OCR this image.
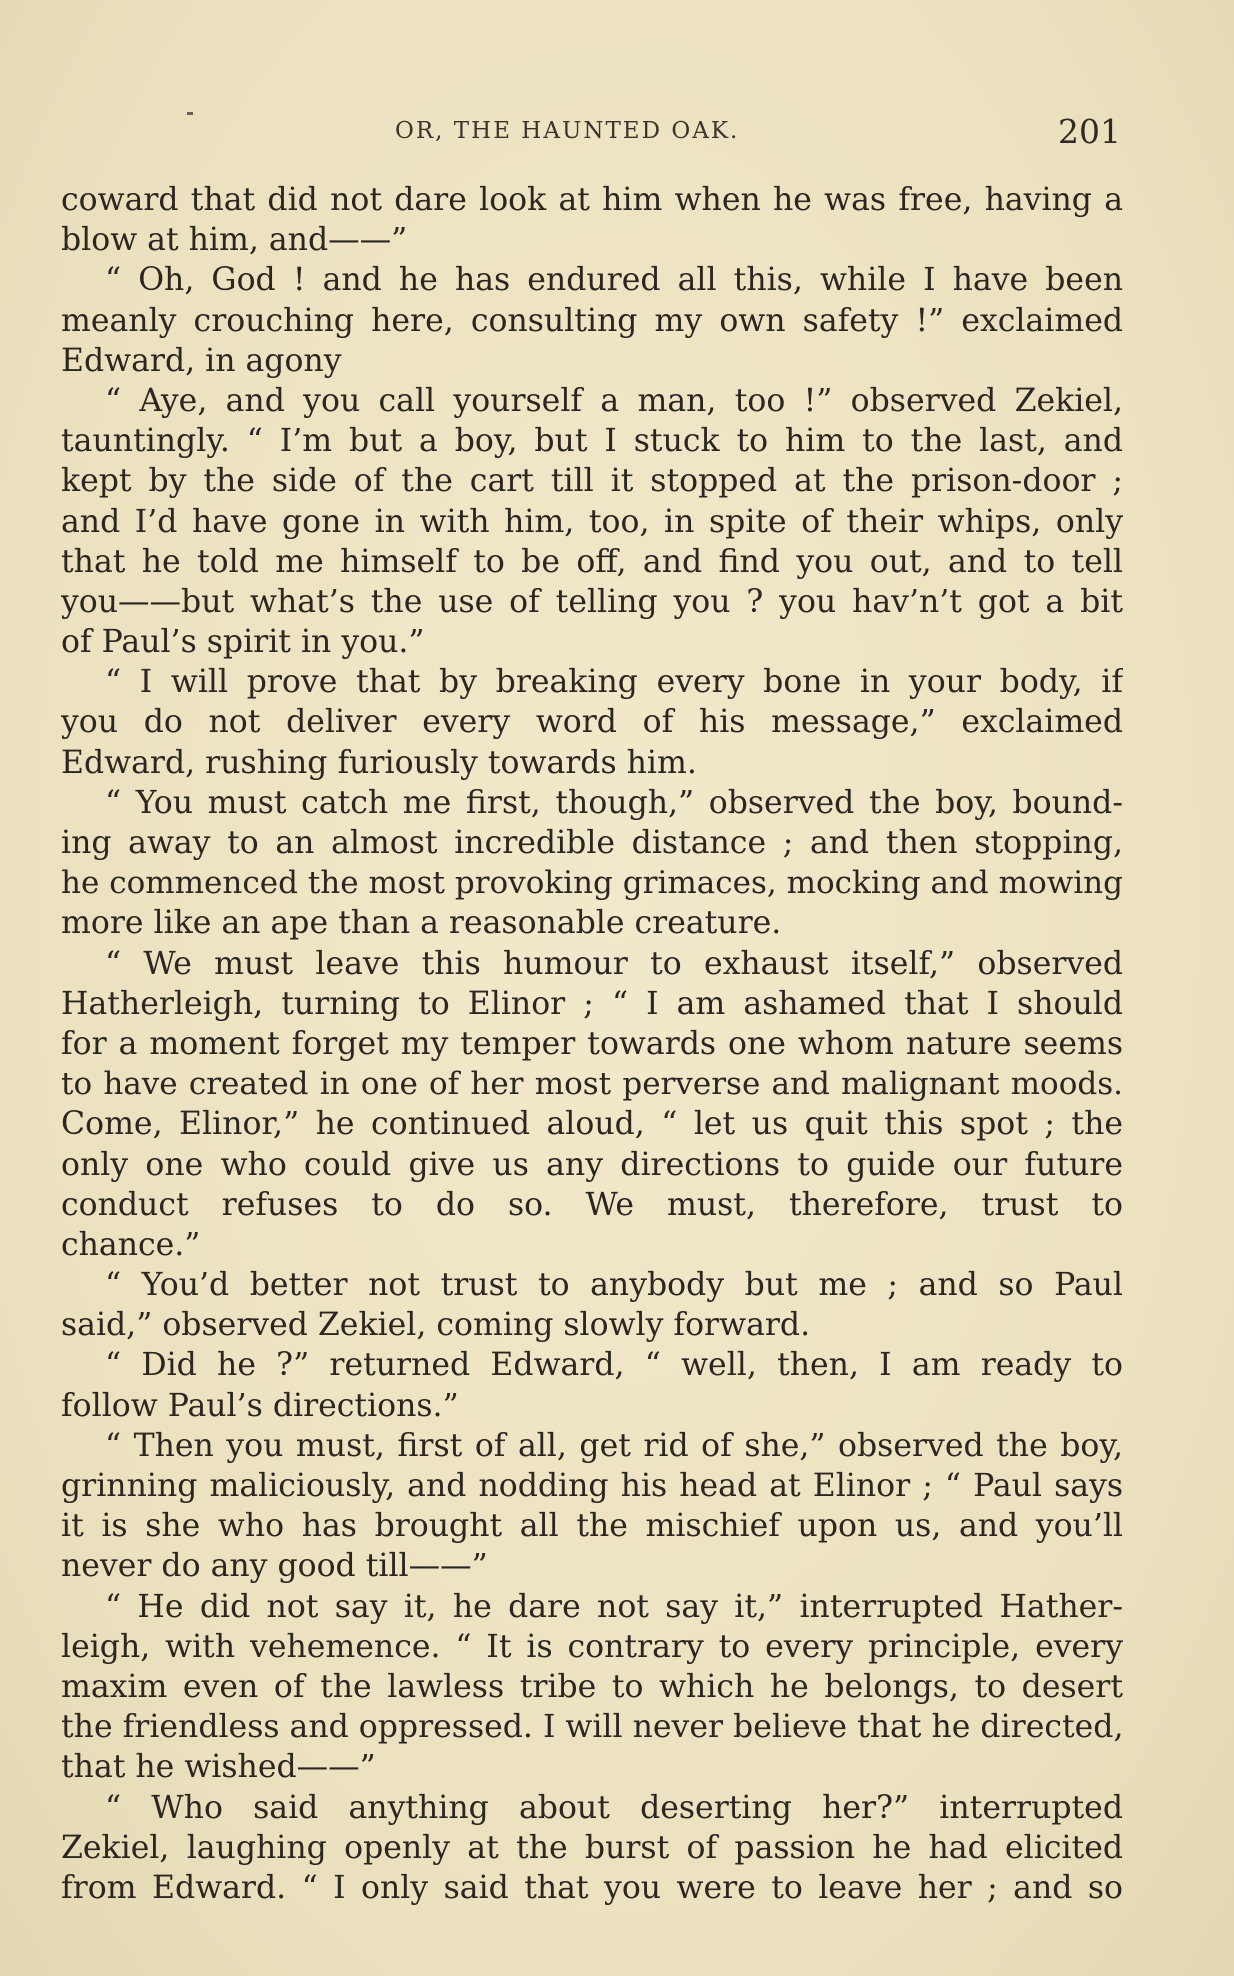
OR, THE HAUNTED OAK.	201
coward that did not dare look at him when he was free, having a
blow at him, and——”
“ Oh, God ! and he has endured all this, while I have been
meanly crouching here, consulting my own safety !” exclaimed
Edward, in agony
“ Aye, and you call yourself a man, too !” observed Zekiel,
tauntingly. “ I’m but a boy, but I stuck to him to the last, and
kept by the side of the cart till it stopped at the prison-door ;
and I’d have gone in with him, too, in spite of their whips, only
that he told me himself to be off, and find you out, and to tell
you——but what’s the use of telling you ? you hav’n’t got a bit
of Paul’s spirit in you.”
“ I will prove that by breaking every bone in your body, if
you do not deliver every word of his message,” exclaimed
Edward, rushing furiously towards him.
“ You must catch me first, though,” observed the boy, bound-
ing away to an almost incredible distance ; and then stopping,
he commenced the most provoking grimaces, mocking and mowing
more like an ape than a reasonable creature.
“ We must leave this humour to exhaust itself,” observed
Hatherleigh, turning to Elinor ; “ I am ashamed that I should
for a moment forget my temper towards one whom nature seems
to have created in one of her most perverse and malignant moods.
Come, Elinor,” he continued aloud, “ let us quit this spot ; the
only one who could give us any directions to guide our future
conduct refuses to do so. We must, therefore, trust to
chance.”
“ You’d better not trust to anybody but me ; and so Paul
said,” observed Zekiel, coming slowly forward.
“ Did he ?” returned Edward, “ well, then, I am ready to
follow Paul’s directions.”
“ Then you must, first of all, get rid of she,” observed the boy,
grinning maliciously, and nodding his head at Elinor ; “ Paul says
it is she who has brought all the mischief upon us, and you’ll
never do any good till——”
“ He did not say it, he dare not say it,” interrupted Hather-
leigh, with vehemence. “ It is contrary to every principle, every
maxim even of the lawless tribe to which he belongs, to desert
the friendless and oppressed. I will never believe that he directed,
that he wished——”
“ Who said anything about deserting her?” interrupted
Zekiel, laughing openly at the burst of passion he had elicited
from Edward. “ I only said that you were to leave her ; and so
